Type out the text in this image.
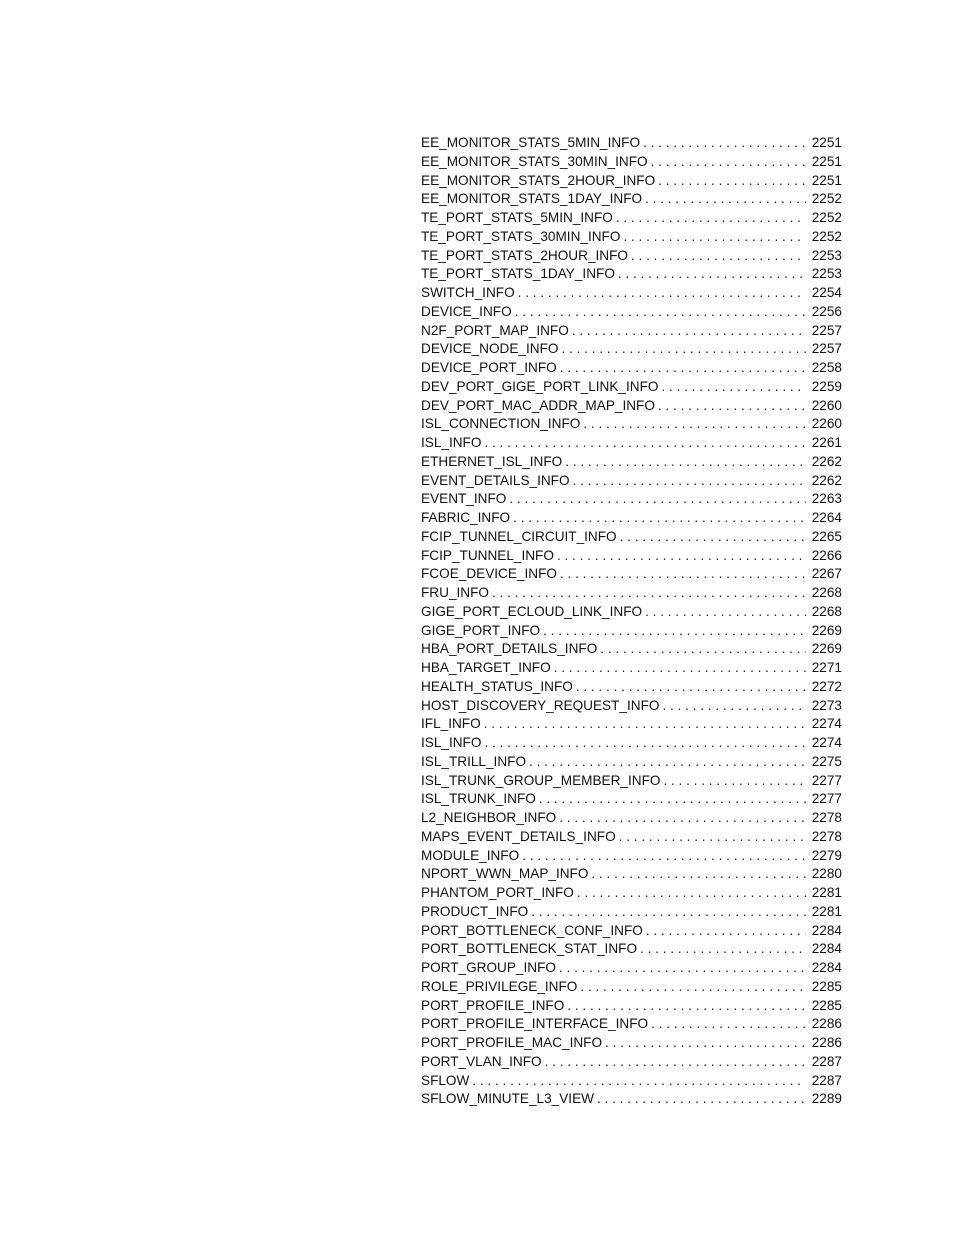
EE_MONITOR_STATS_5MIN_INFO . . .	2251
EE_MONITOR_STATS_30MIN_INFO . . .	2251
EE_MONITOR_STATS_2HOUR_INFO . . .	2251
EE_MONITOR_STATS_1DAY_INFO . . .	2252
TE_PORT_STATS_5MIN_INFO . . .	2252
TE_PORT_STATS_30MIN_INFO . . .	2252
TE_PORT_STATS_2HOUR_INFO . . .	2253
TE_PORT_STATS_1DAY_INFO . . .	2253
SWITCH_INFO . . .	2254
DEVICE_INFO . . .	2256
N2F_PORT_MAP_INFO . . .	2257
DEVICE_NODE_INFO . . .	2257
DEVICE_PORT_INFO . . .	2258
DEV_PORT_GIGE_PORT_LINK_INFO . . .	2259
DEV_PORT_MAC_ADDR_MAP_INFO . . .	2260
ISL_CONNECTION_INFO . . .	2260
ISL_INFO . . .	2261
ETHERNET_ISL_INFO . . .	2262
EVENT_DETAILS_INFO . . .	2262
EVENT_INFO . . .	2263
FABRIC_INFO . . .	2264
FCIP_TUNNEL_CIRCUIT_INFO . . .	2265
FCIP_TUNNEL_INFO . . .	2266
FCOE_DEVICE_INFO . . .	2267
FRU_INFO . . .	2268
GIGE_PORT_ECLOUD_LINK_INFO . . .	2268
GIGE_PORT_INFO . . .	2269
HBA_PORT_DETAILS_INFO . . .	2269
HBA_TARGET_INFO . . .	2271
HEALTH_STATUS_INFO . . .	2272
HOST_DISCOVERY_REQUEST_INFO . . .	2273
IFL_INFO . . .	2274
ISL_INFO . . .	2274
ISL_TRILL_INFO . . .	2275
ISL_TRUNK_GROUP_MEMBER_INFO . . .	2277
ISL_TRUNK_INFO . . .	2277
L2_NEIGHBOR_INFO . . .	2278
MAPS_EVENT_DETAILS_INFO . . .	2278
MODULE_INFO . . .	2279
NPORT_WWN_MAP_INFO . . .	2280
PHANTOM_PORT_INFO . . .	2281
PRODUCT_INFO . . .	2281
PORT_BOTTLENECK_CONF_INFO . . .	2284
PORT_BOTTLENECK_STAT_INFO . . .	2284
PORT_GROUP_INFO . . .	2284
ROLE_PRIVILEGE_INFO . . .	2285
PORT_PROFILE_INFO . . .	2285
PORT_PROFILE_INTERFACE_INFO . . .	2286
PORT_PROFILE_MAC_INFO . . .	2286
PORT_VLAN_INFO . . .	2287
SFLOW . . .	2287
SFLOW_MINUTE_L3_VIEW . . .	2289
